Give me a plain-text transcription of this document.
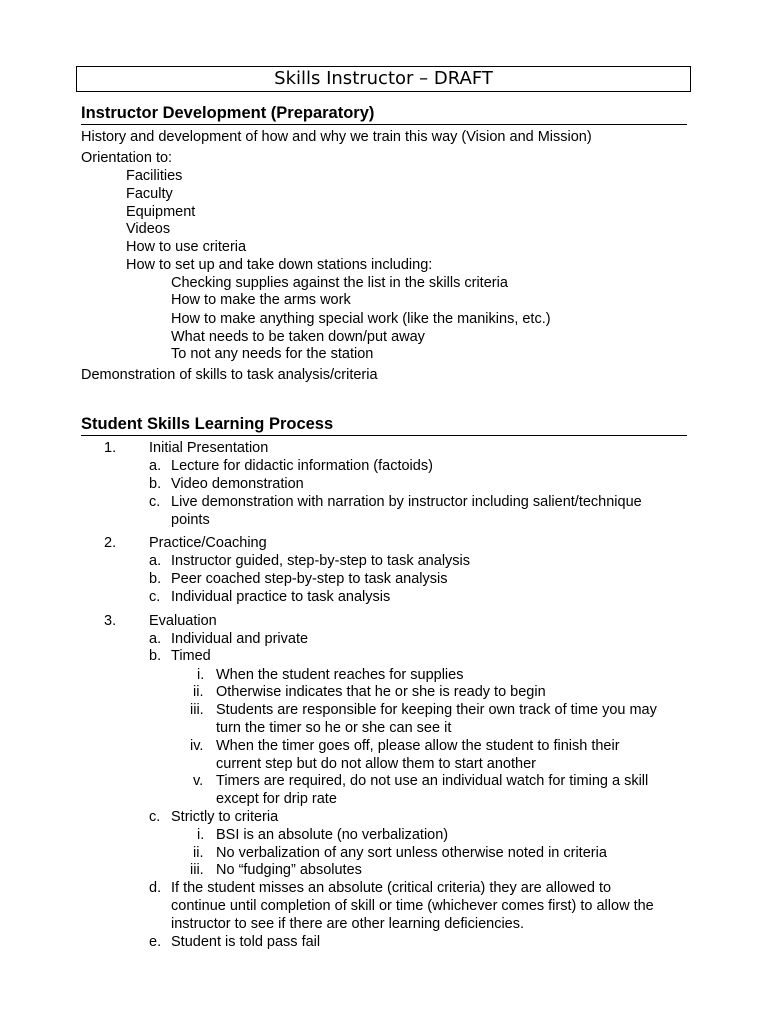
Skills Instructor – DRAFT
Instructor Development (Preparatory)
History and development of how and why we train this way (Vision and Mission)
Orientation to:
Facilities
Faculty
Equipment
Videos
How to use criteria
How to set up and take down stations including:
Checking supplies against the list in the skills criteria
How to make the arms work
How to make anything special work (like the manikins, etc.)
What needs to be taken down/put away
To not any needs for the station
Demonstration of skills to task analysis/criteria
Student Skills Learning Process
1. Initial Presentation
a. Lecture for didactic information (factoids)
b. Video demonstration
c. Live demonstration with narration by instructor including salient/technique
points
2. Practice/Coaching
a. Instructor guided, step-by-step to task analysis
b. Peer coached step-by-step to task analysis
c. Individual practice to task analysis
3. Evaluation
a. Individual and private
b. Timed
i. When the student reaches for supplies
ii. Otherwise indicates that he or she is ready to begin
iii. Students are responsible for keeping their own track of time you may
turn the timer so he or she can see it
iv. When the timer goes off, please allow the student to finish their
current step but do not allow them to start another
v. Timers are required, do not use an individual watch for timing a skill
except for drip rate
c. Strictly to criteria
i. BSI is an absolute (no verbalization)
ii. No verbalization of any sort unless otherwise noted in criteria
iii. No “fudging” absolutes
d. If the student misses an absolute (critical criteria) they are allowed to
continue until completion of skill or time (whichever comes first) to allow the
instructor to see if there are other learning deficiencies.
e. Student is told pass fail
